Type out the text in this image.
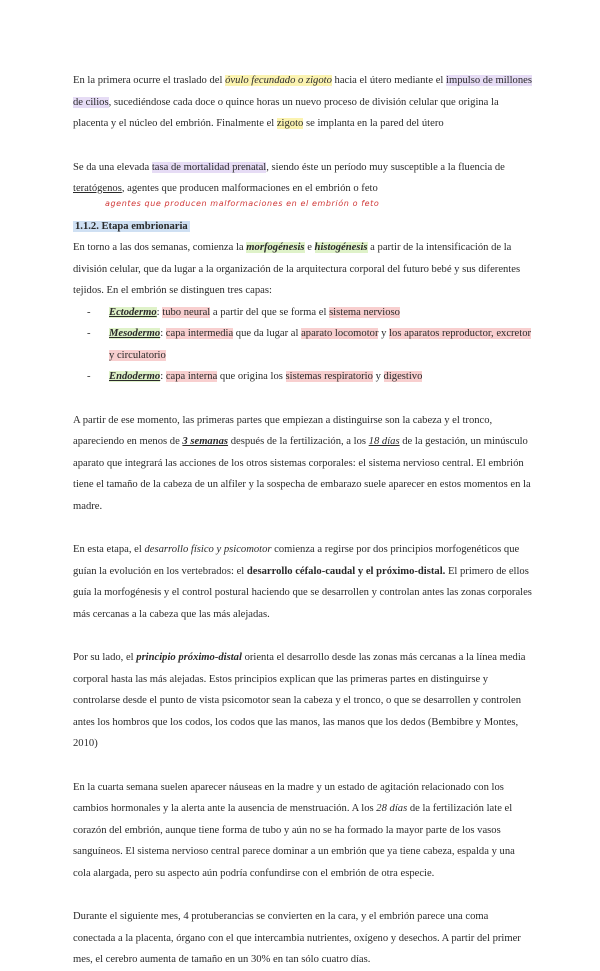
En la primera ocurre el traslado del óvulo fecundado o zigoto hacia el útero mediante el impulso de millones de cilios, sucediéndose cada doce o quince horas un nuevo proceso de división celular que origina la placenta y el núcleo del embrión. Finalmente el zigoto se implanta en la pared del útero

Se da una elevada tasa de mortalidad prenatal, siendo éste un período muy susceptible a la fluencia de teratógenos, agentes que producen malformaciones en el embrión o feto

agentes que producen malformaciones en el embrión o feto
1.1.2. Etapa embrionaria

En torno a las dos semanas, comienza la morfogénesis e histogénesis a partir de la intensificación de la división celular, que da lugar a la organización de la arquitectura corporal del futuro bebé y sus diferentes tejidos. En el embrión se distinguen tres capas:

- Ectodermo: tubo neural a partir del que se forma el sistema nervioso
- Mesodermo: capa intermedia que da lugar al aparato locomotor y los aparatos reproductor, excretor y circulatorio
- Endodermo: capa interna que origina los sistemas respiratorio y digestivo

A partir de ese momento, las primeras partes que empiezan a distinguirse son la cabeza y el tronco, apareciendo en menos de 3 semanas después de la fertilización, a los 18 días de la gestación, un minúsculo aparato que integrará las acciones de los otros sistemas corporales: el sistema nervioso central. El embrión tiene el tamaño de la cabeza de un alfiler y la sospecha de embarazo suele aparecer en estos momentos en la madre.

En esta etapa, el desarrollo físico y psicomotor comienza a regirse por dos principios morfogenéticos que guían la evolución en los vertebrados: el desarrollo céfalo-caudal y el próximo-distal. El primero de ellos guía la morfogénesis y el control postural haciendo que se desarrollen y controlan antes las zonas corporales más cercanas a la cabeza que las más alejadas.

Por su lado, el principio próximo-distal orienta el desarrollo desde las zonas más cercanas a la línea media corporal hasta las más alejadas. Estos principios explican que las primeras partes en distinguirse y controlarse desde el punto de vista psicomotor sean la cabeza y el tronco, o que se desarrollen y controlen antes los hombros que los codos, los codos que las manos, las manos que los dedos (Bembibre y Montes, 2010)

En la cuarta semana suelen aparecer náuseas en la madre y un estado de agitación relacionado con los cambios hormonales y la alerta ante la ausencia de menstruación. A los 28 días de la fertilización late el corazón del embrión, aunque tiene forma de tubo y aún no se ha formado la mayor parte de los vasos sanguíneos. El sistema nervioso central parece dominar a un embrión que ya tiene cabeza, espalda y una cola alargada, pero su aspecto aún podría confundirse con el embrión de otra especie.

Durante el siguiente mes, 4 protuberancias se convierten en la cara, y el embrión parece una coma conectada a la placenta, órgano con el que intercambia nutrientes, oxígeno y desechos. A partir del primer mes, el cerebro aumenta de tamaño en un 30% en tan sólo cuatro días.
